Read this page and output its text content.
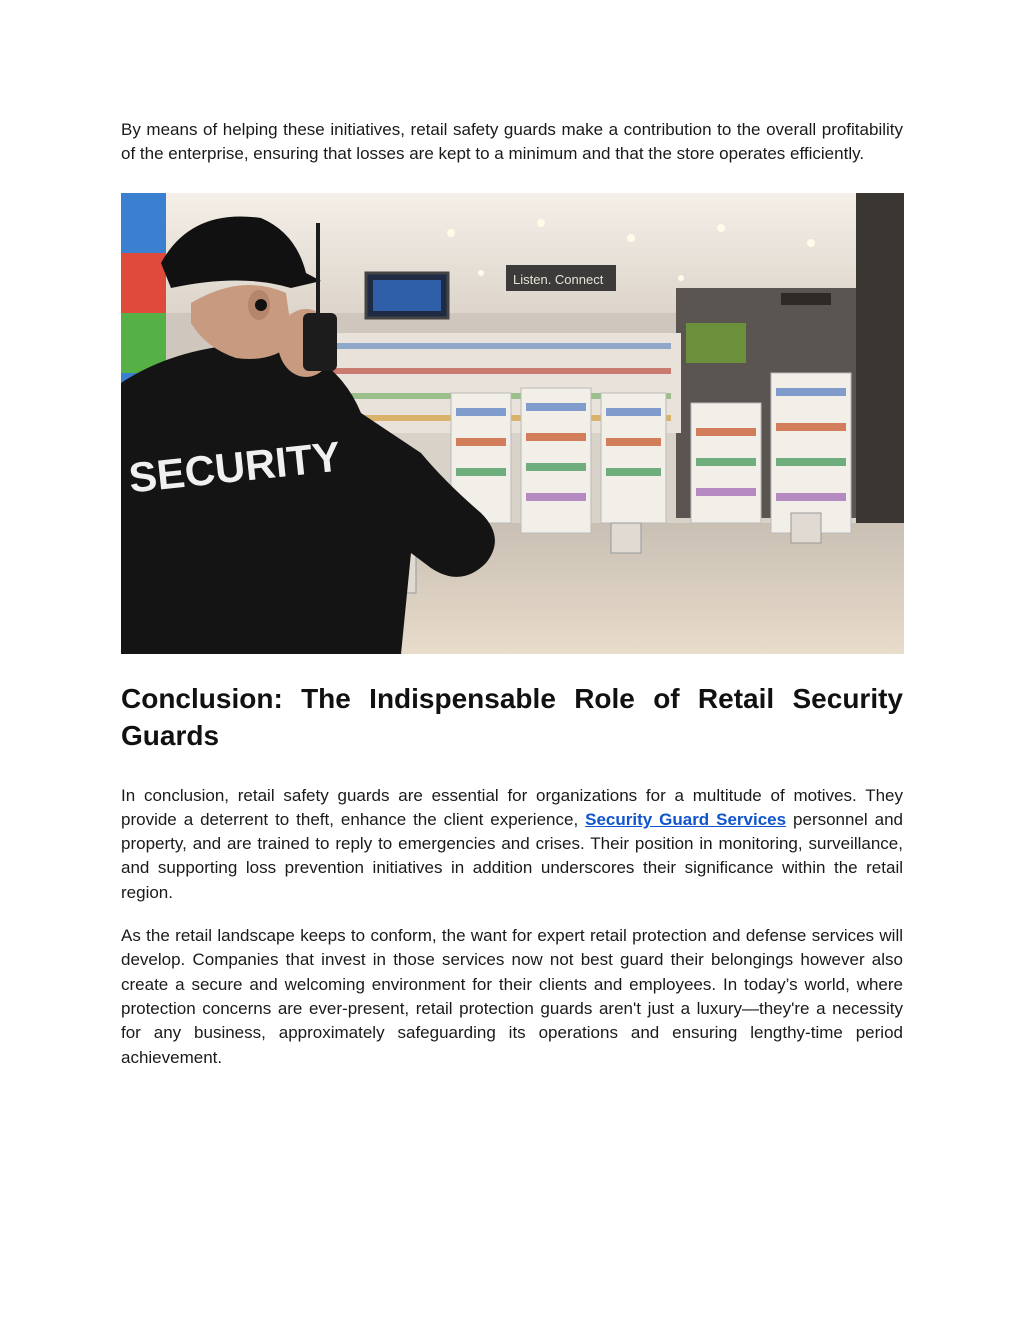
By means of helping these initiatives, retail safety guards make a contribution to the overall profitability of the enterprise, ensuring that losses are kept to a minimum and that the store operates efficiently.

Listen. Connect
SECURITY
Conclusion: The Indispensable Role of Retail Security Guards

In conclusion, retail safety guards are essential for organizations for a multitude of motives. They provide a deterrent to theft, enhance the client experience, Security Guard Services personnel and property, and are trained to reply to emergencies and crises. Their position in monitoring, surveillance, and supporting loss prevention initiatives in addition underscores their significance within the retail region.

As the retail landscape keeps to conform, the want for expert retail protection and defense services will develop. Companies that invest in those services now not best guard their belongings however also create a secure and welcoming environment for their clients and employees. In today’s world, where protection concerns are ever-present, retail protection guards aren't just a luxury—they're a necessity for any business, approximately safeguarding its operations and ensuring lengthy-time period achievement.
